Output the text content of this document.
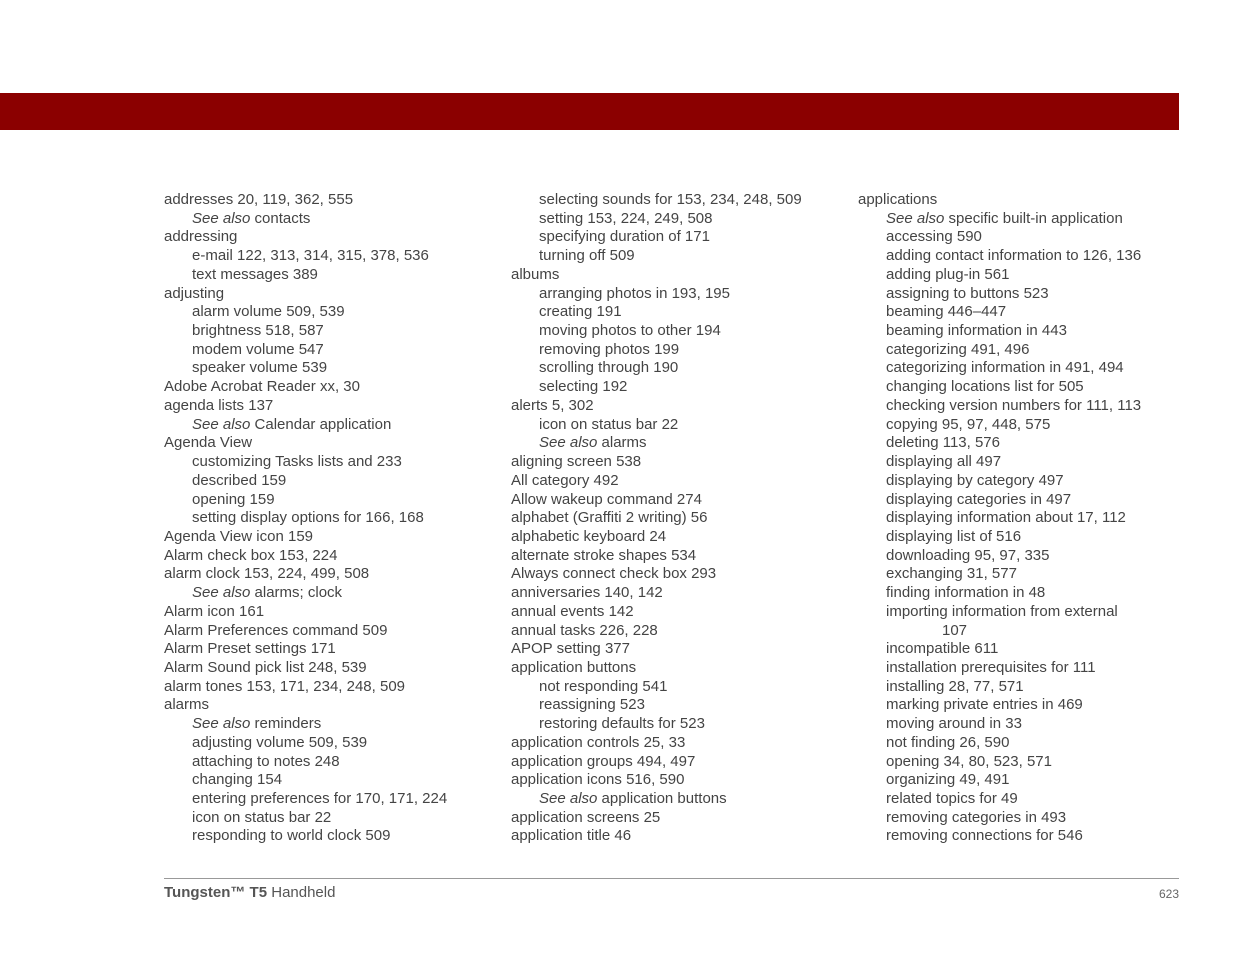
addresses 20, 119, 362, 555
See also contacts
addressing
e-mail 122, 313, 314, 315, 378, 536
text messages 389
adjusting
alarm volume 509, 539
brightness 518, 587
modem volume 547
speaker volume 539
Adobe Acrobat Reader xx, 30
agenda lists 137
See also Calendar application
Agenda View
customizing Tasks lists and 233
described 159
opening 159
setting display options for 166, 168
Agenda View icon 159
Alarm check box 153, 224
alarm clock 153, 224, 499, 508
See also alarms; clock
Alarm icon 161
Alarm Preferences command 509
Alarm Preset settings 171
Alarm Sound pick list 248, 539
alarm tones 153, 171, 234, 248, 509
alarms
See also reminders
adjusting volume 509, 539
attaching to notes 248
changing 154
entering preferences for 170, 171, 224
icon on status bar 22
responding to world clock 509
selecting sounds for 153, 234, 248, 509
setting 153, 224, 249, 508
specifying duration of 171
turning off 509
albums
arranging photos in 193, 195
creating 191
moving photos to other 194
removing photos 199
scrolling through 190
selecting 192
alerts 5, 302
icon on status bar 22
See also alarms
aligning screen 538
All category 492
Allow wakeup command 274
alphabet (Graffiti 2 writing) 56
alphabetic keyboard 24
alternate stroke shapes 534
Always connect check box 293
anniversaries 140, 142
annual events 142
annual tasks 226, 228
APOP setting 377
application buttons
not responding 541
reassigning 523
restoring defaults for 523
application controls 25, 33
application groups 494, 497
application icons 516, 590
See also application buttons
application screens 25
application title 46
applications
See also specific built-in application
accessing 590
adding contact information to 126, 136
adding plug-in 561
assigning to buttons 523
beaming 446–447
beaming information in 443
categorizing 491, 496
categorizing information in 491, 494
changing locations list for 505
checking version numbers for 111, 113
copying 95, 97, 448, 575
deleting 113, 576
displaying all 497
displaying by category 497
displaying categories in 497
displaying information about 17, 112
displaying list of 516
downloading 95, 97, 335
exchanging 31, 577
finding information in 48
importing information from external
107
incompatible 611
installation prerequisites for 111
installing 28, 77, 571
marking private entries in 469
moving around in 33
not finding 26, 590
opening 34, 80, 523, 571
organizing 49, 491
related topics for 49
removing categories in 493
removing connections for 546
Tungsten™ T5 Handheld	623
